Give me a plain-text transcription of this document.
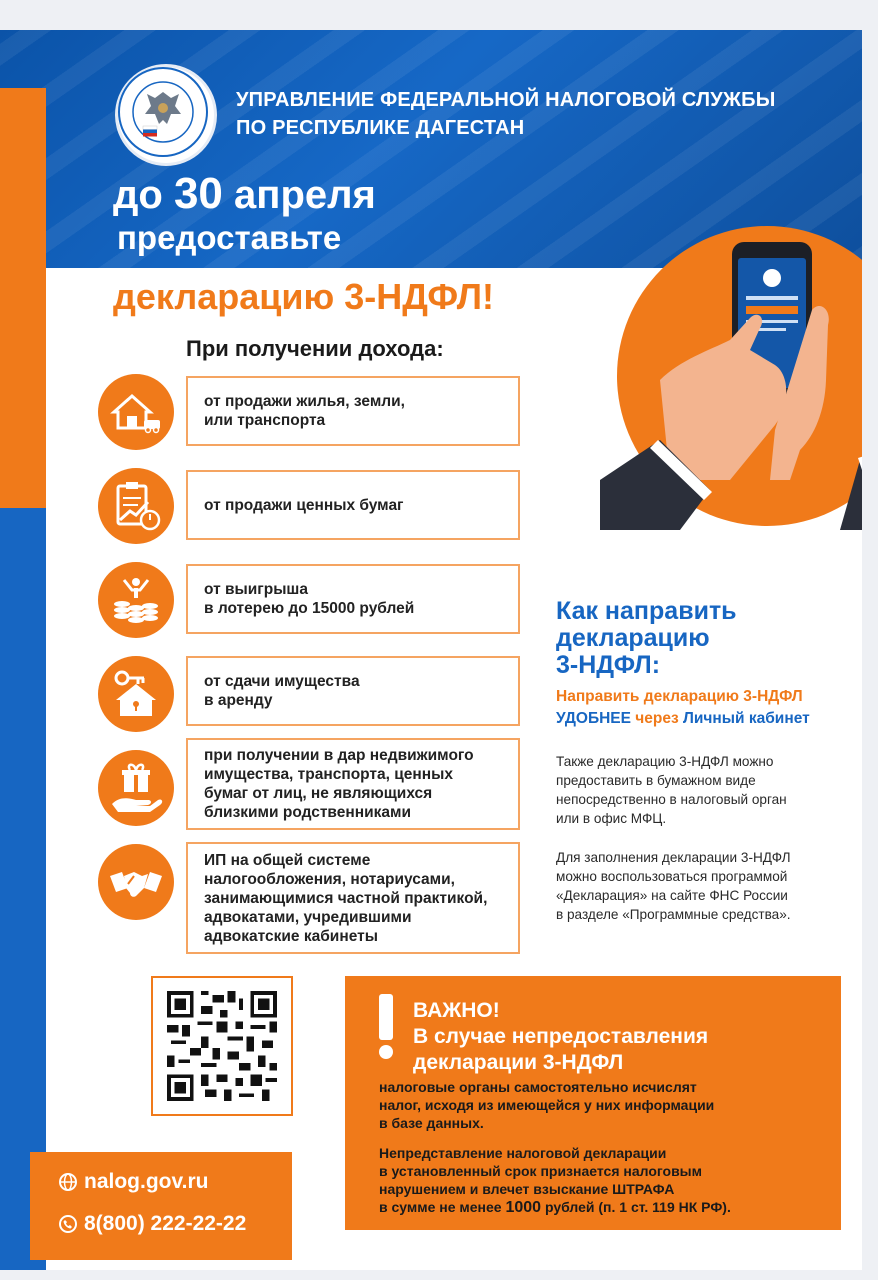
УПРАВЛЕНИЕ ФЕДЕРАЛЬНОЙ НАЛОГОВОЙ СЛУЖБЫ
ПО РЕСПУБЛИКЕ ДАГЕСТАН
до 30 апреля
предоставьте
декларацию 3-НДФЛ!
При получении дохода:
от продажи жилья, земли,
или транспорта
от продажи ценных бумаг
от выигрыша
в лотерею до 15000 рублей
от сдачи имущества
в аренду
при получении в дар недвижимого
имущества, транспорта, ценных
бумаг от лиц, не являющихся
близкими родственниками
ИП на общей системе
налогообложения, нотариусами,
занимающимися частной практикой,
адвокатами, учредившими
адвокатские кабинеты
Как направить
декларацию
3-НДФЛ:
Направить декларацию 3-НДФЛ
УДОБНЕЕ через Личный кабинет
Также декларацию 3-НДФЛ можно
предоставить в бумажном виде
непосредственно в налоговый орган
или в офис МФЦ.
Для заполнения декларации 3-НДФЛ
можно воспользоваться программой
«Декларация» на сайте ФНС России
в разделе «Программные средства».
nalog.gov.ru
8(800) 222-22-22
ВАЖНО!
В случае непредоставления
декларации 3-НДФЛ
налоговые органы самостоятельно исчислят
налог, исходя из имеющейся у них информации
в базе данных.
Непредставление налоговой декларации
в установленный срок признается налоговым
нарушением и влечет взыскание ШТРАФА
в сумме не менее 1000 рублей (п. 1 ст. 119 НК РФ).
